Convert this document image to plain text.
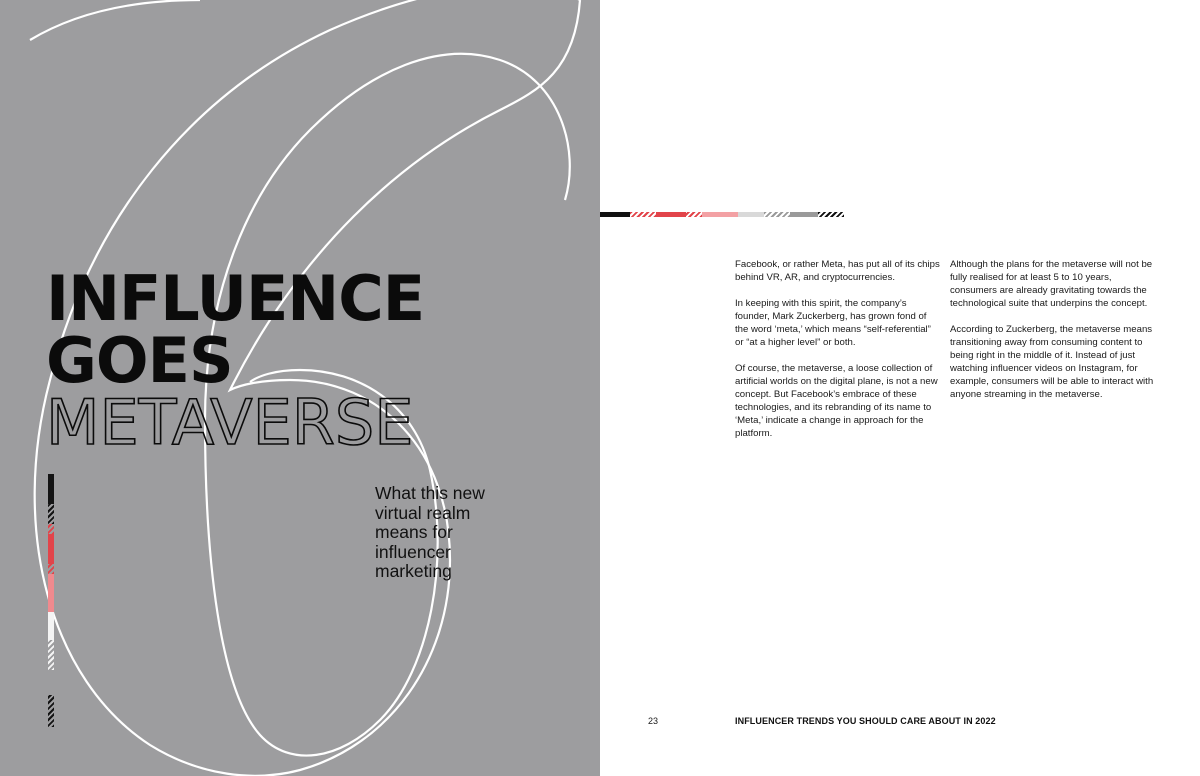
INFLUENCE
GOES
METAVERSE

What this new virtual realm means for influencer marketing

Facebook, or rather Meta, has put all of its chips behind VR, AR, and cryptocurrencies.

In keeping with this spirit, the company’s founder, Mark Zuckerberg, has grown fond of the word ‘meta,’ which means “self-referential” or “at a higher level” or both.

Of course, the metaverse, a loose collection of artificial worlds on the digital plane, is not a new concept. But Facebook’s embrace of these technologies, and its rebranding of its name to ‘Meta,’ indicate a change in approach for the platform.

Although the plans for the metaverse will not be fully realised for at least 5 to 10 years, consumers are already gravitating towards the technological suite that underpins the concept.

According to Zuckerberg, the metaverse means transitioning away from consuming content to being right in the middle of it. Instead of just watching influencer videos on Instagram, for example, consumers will be able to interact with anyone streaming in the metaverse.

23	INFLUENCER TRENDS YOU SHOULD CARE ABOUT IN 2022
